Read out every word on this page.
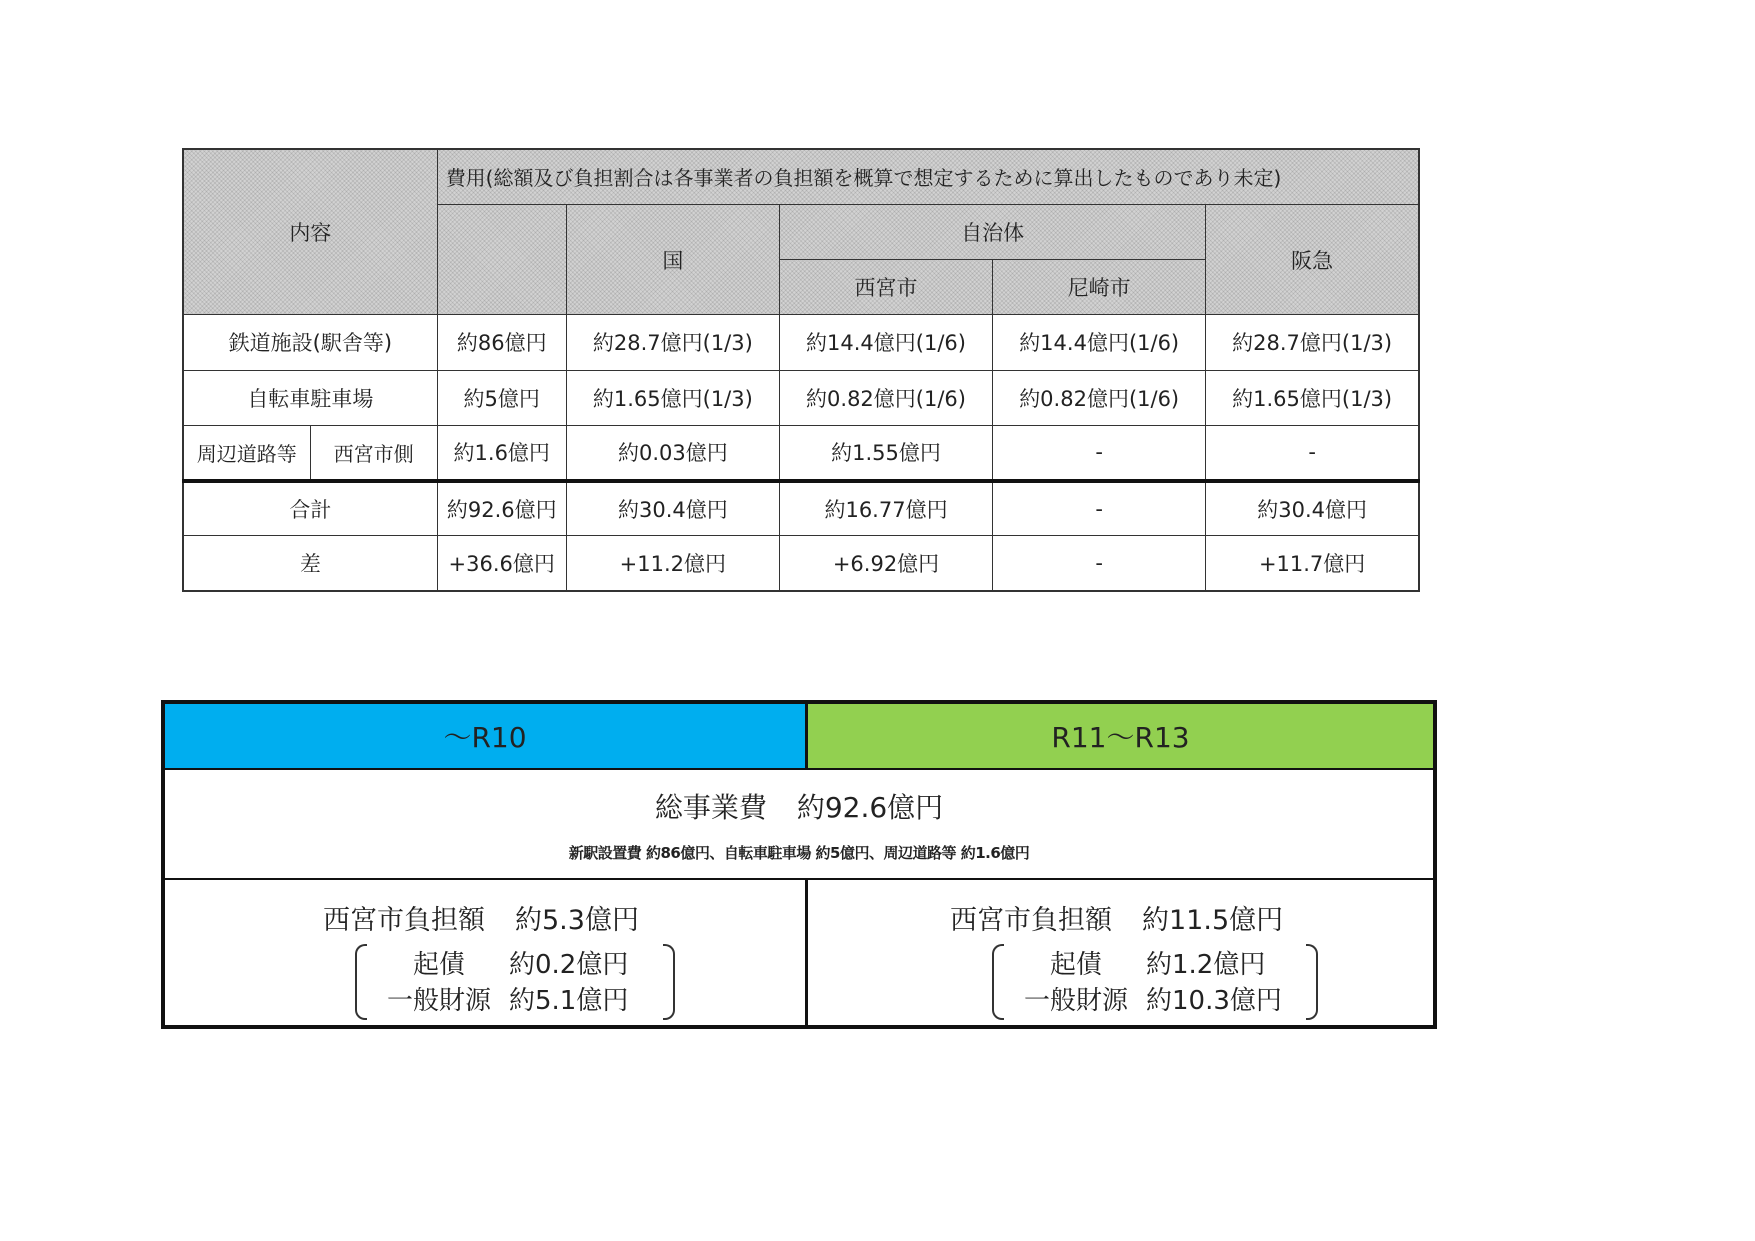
内容		費用(総額及び負担割合は各事業者の負担額を概算で想定するために算出したものであり未定)				
			国	自治体		阪急
				西宮市	尼崎市	
鉄道施設(駅舎等)		約86億円	約28.7億円(1/3)	約14.4億円(1/6)	約14.4億円(1/6)	約28.7億円(1/3)
自転車駐車場		約5億円	約1.65億円(1/3)	約0.82億円(1/6)	約0.82億円(1/6)	約1.65億円(1/3)
周辺道路等	西宮市側	約1.6億円	約0.03億円	約1.55億円	-	-
合計		約92.6億円	約30.4億円	約16.77億円	-	約30.4億円
差		+36.6億円	+11.2億円	+6.92億円	-	+11.7億円
～R10	R11～R13
総事業費 約92.6億円
新駅設置費 約86億円、自転車駐車場 約5億円、周辺道路等 約1.6億円
西宮市負担額 約5.3億円
起債 約0.2億円
一般財源 約5.1億円
西宮市負担額 約11.5億円
起債 約1.2億円
一般財源 約10.3億円
